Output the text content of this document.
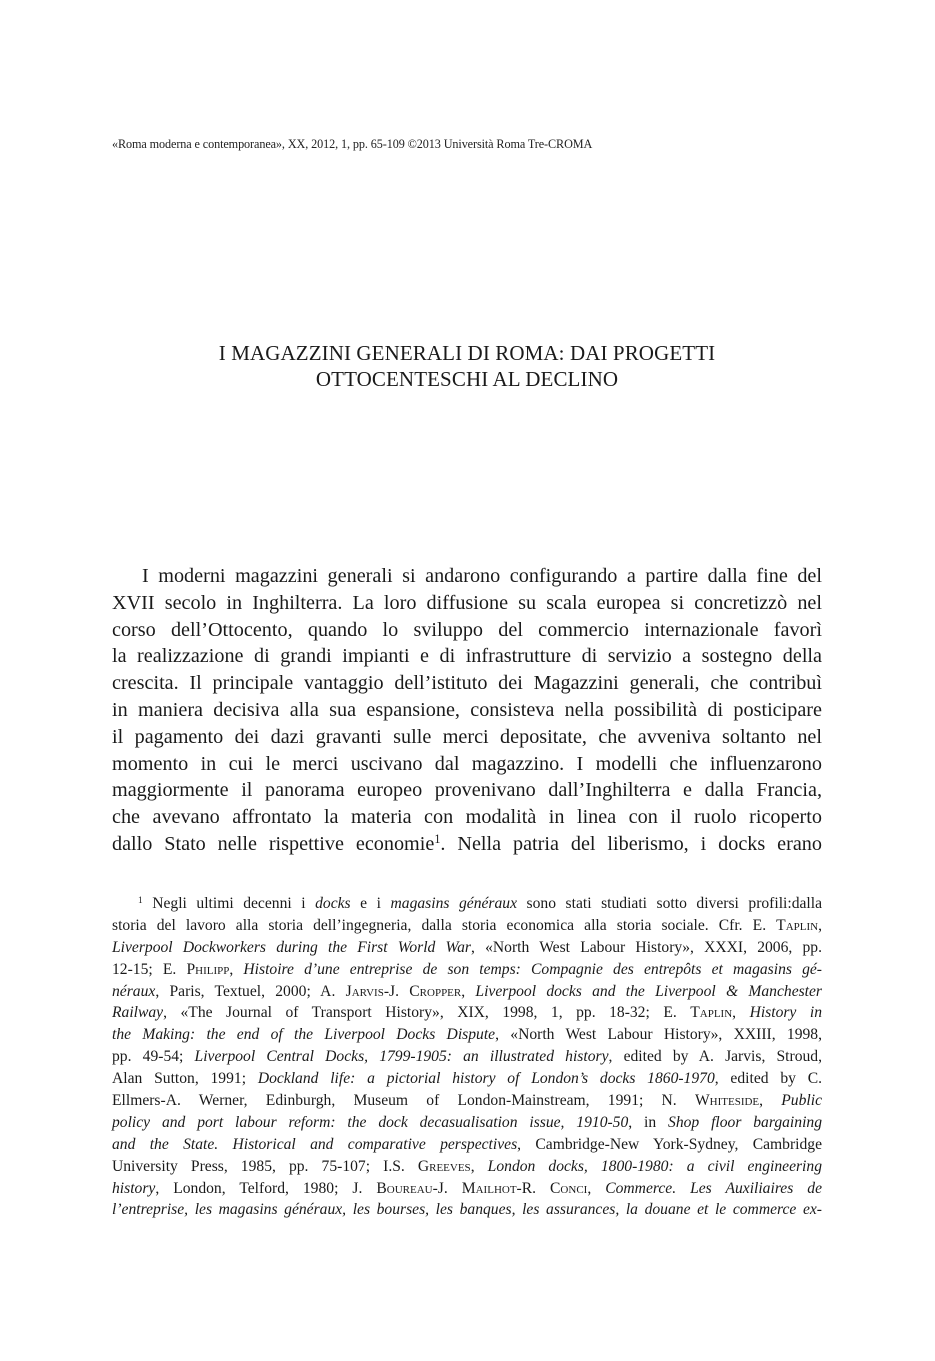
«Roma moderna e contemporanea», XX, 2012, 1, pp. 65-109 ©2013 Università Roma Tre-CROMA
I MAGAZZINI GENERALI DI ROMA: DAI PROGETTI
OTTOCENTESCHI AL DECLINO
I moderni magazzini generali si andarono configurando a partire dalla fine del
XVII secolo in Inghilterra. La loro diffusione su scala europea si concretizzò nel
corso dell’Ottocento, quando lo sviluppo del commercio internazionale favorì
la realizzazione di grandi impianti e di infrastrutture di servizio a sostegno della
crescita. Il principale vantaggio dell’istituto dei Magazzini generali, che contribuì
in maniera decisiva alla sua espansione, consisteva nella possibilità di posticipare
il pagamento dei dazi gravanti sulle merci depositate, che avveniva soltanto nel
momento in cui le merci uscivano dal magazzino. I modelli che influenzarono
maggiormente il panorama europeo provenivano dall’Inghilterra e dalla Francia,
che avevano affrontato la materia con modalità in linea con il ruolo ricoperto
dallo Stato nelle rispettive economie$^1$. Nella patria del liberismo, i docks erano
$^1$ Negli ultimi decenni i docks e i magasins généraux sono stati studiati sotto diversi profili:dalla
storia del lavoro alla storia dell’ingegneria, dalla storia economica alla storia sociale. Cfr. E. Taplin,
Liverpool Dockworkers during the First World War, «North West Labour History», XXXI, 2006, pp.
12-15; E. Philipp, Histoire d’une entreprise de son temps: Compagnie des entrepôts et magasins gé-
néraux, Paris, Textuel, 2000; A. Jarvis-J. Cropper, Liverpool docks and the Liverpool & Manchester
Railway, «The Journal of Transport History», XIX, 1998, 1, pp. 18-32; E. Taplin, History in
the Making: the end of the Liverpool Docks Dispute, «North West Labour History», XXIII, 1998,
pp. 49-54; Liverpool Central Docks, 1799-1905: an illustrated history, edited by A. Jarvis, Stroud,
Alan Sutton, 1991; Dockland life: a pictorial history of London’s docks 1860-1970, edited by C.
Ellmers-A. Werner, Edinburgh, Museum of London-Mainstream, 1991; N. Whiteside, Public
policy and port labour reform: the dock decasualisation issue, 1910-50, in Shop floor bargaining
and the State. Historical and comparative perspectives, Cambridge-New York-Sydney, Cambridge
University Press, 1985, pp. 75-107; I.S. Greeves, London docks, 1800-1980: a civil engineering
history, London, Telford, 1980; J. Boureau-J. Mailhot-R. Conci, Commerce. Les Auxiliaires de
l’entreprise, les magasins généraux, les bourses, les banques, les assurances, la douane et le commerce ex-
